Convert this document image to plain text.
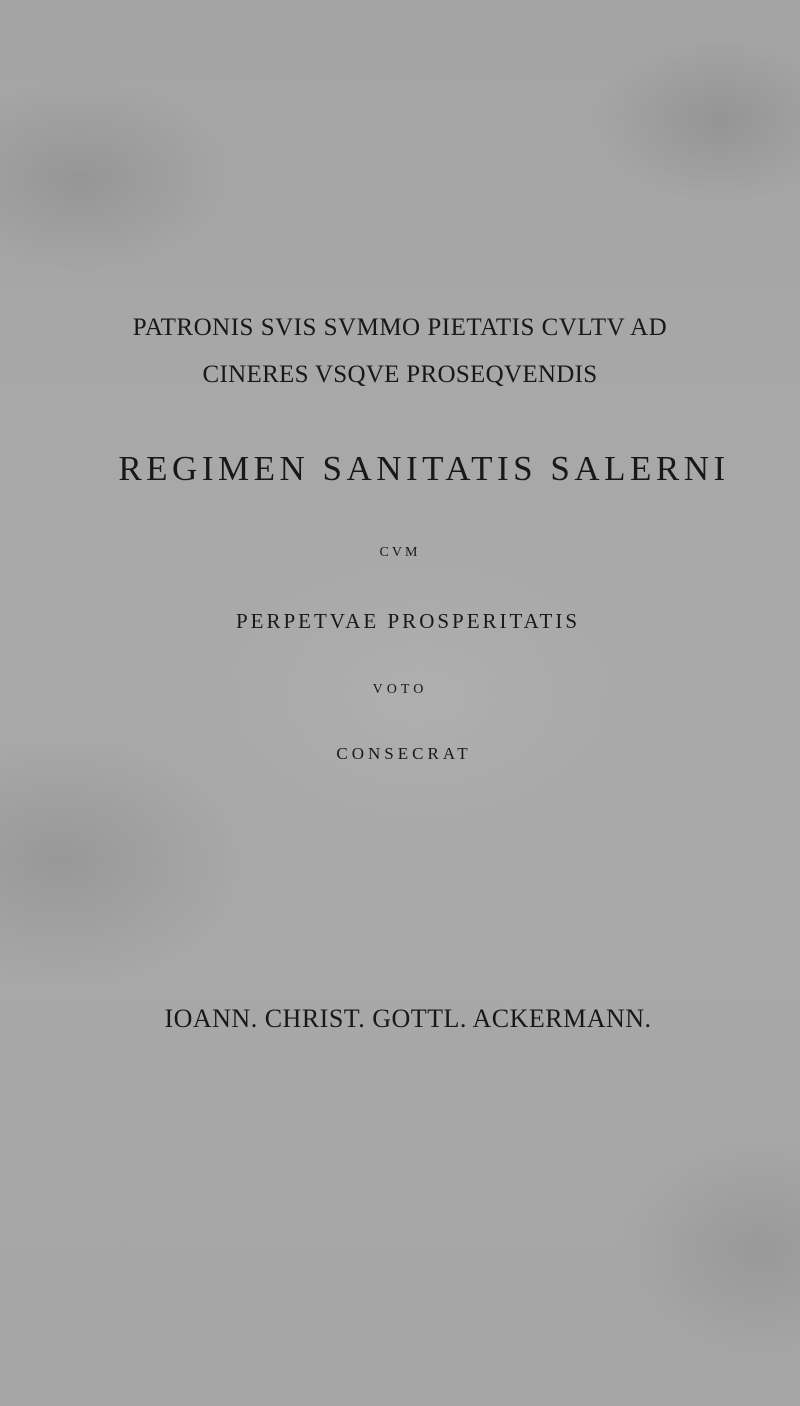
PATRONIS SVIS SVMMO PIETATIS CVLTV AD
CINERES VSQVE PROSEQVENDIS
REGIMEN SANITATIS SALERNI
CVM
PERPETVAE PROSPERITATIS
VOTO
CONSECRAT
IOANN. CHRIST. GOTTL. ACKERMANN.
